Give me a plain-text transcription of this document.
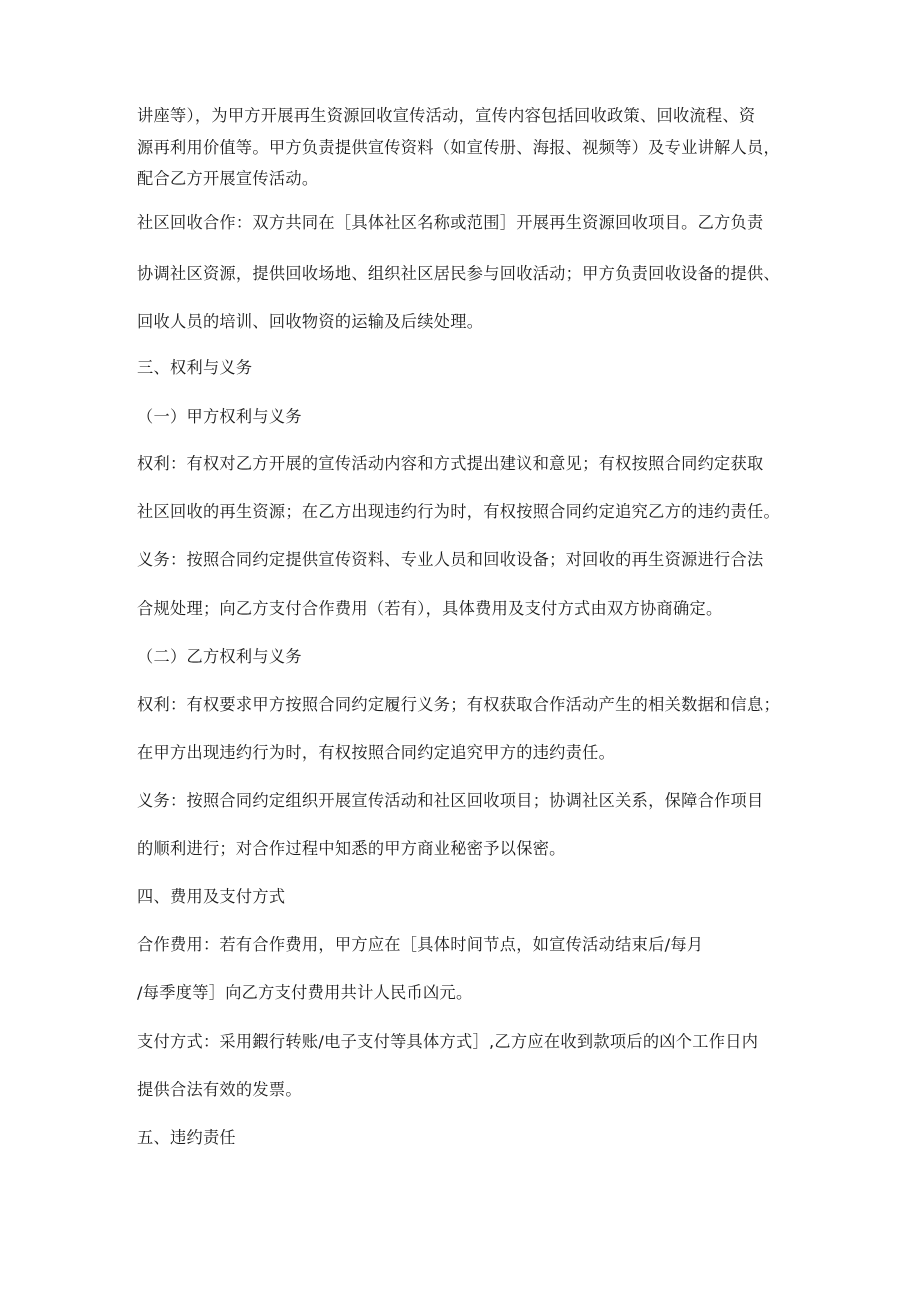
讲座等），为甲方开展再生资源回收宣传活动，宣传内容包括回收政策、回收流程、资
源再利用价值等。甲方负责提供宣传资料（如宣传册、海报、视频等）及专业讲解人员，
配合乙方开展宣传活动。
社区回收合作：双方共同在［具体社区名称或范围］开展再生资源回收项目。乙方负责
协调社区资源，提供回收场地、组织社区居民参与回收活动；甲方负责回收设备的提供、
回收人员的培训、回收物资的运输及后续处理。
三、权利与义务
（一）甲方权利与义务
权利：有权对乙方开展的宣传活动内容和方式提出建议和意见；有权按照合同约定获取
社区回收的再生资源；在乙方出现违约行为时，有权按照合同约定追究乙方的违约责任。
义务：按照合同约定提供宣传资料、专业人员和回收设备；对回收的再生资源进行合法
合规处理；向乙方支付合作费用（若有），具体费用及支付方式由双方协商确定。
（二）乙方权利与义务
权利：有权要求甲方按照合同约定履行义务；有权获取合作活动产生的相关数据和信息；
在甲方出现违约行为时，有权按照合同约定追究甲方的违约责任。
义务：按照合同约定组织开展宣传活动和社区回收项目；协调社区关系，保障合作项目
的顺利进行；对合作过程中知悉的甲方商业秘密予以保密。
四、费用及支付方式
合作费用：若有合作费用，甲方应在［具体时间节点，如宣传活动结束后/每月
/每季度等］向乙方支付费用共计人民币凶元。
支付方式：采用鍜行转账/电子支付等具体方式］,乙方应在收到款项后的凶个工作日内
提供合法有效的发票。
五、违约责任
